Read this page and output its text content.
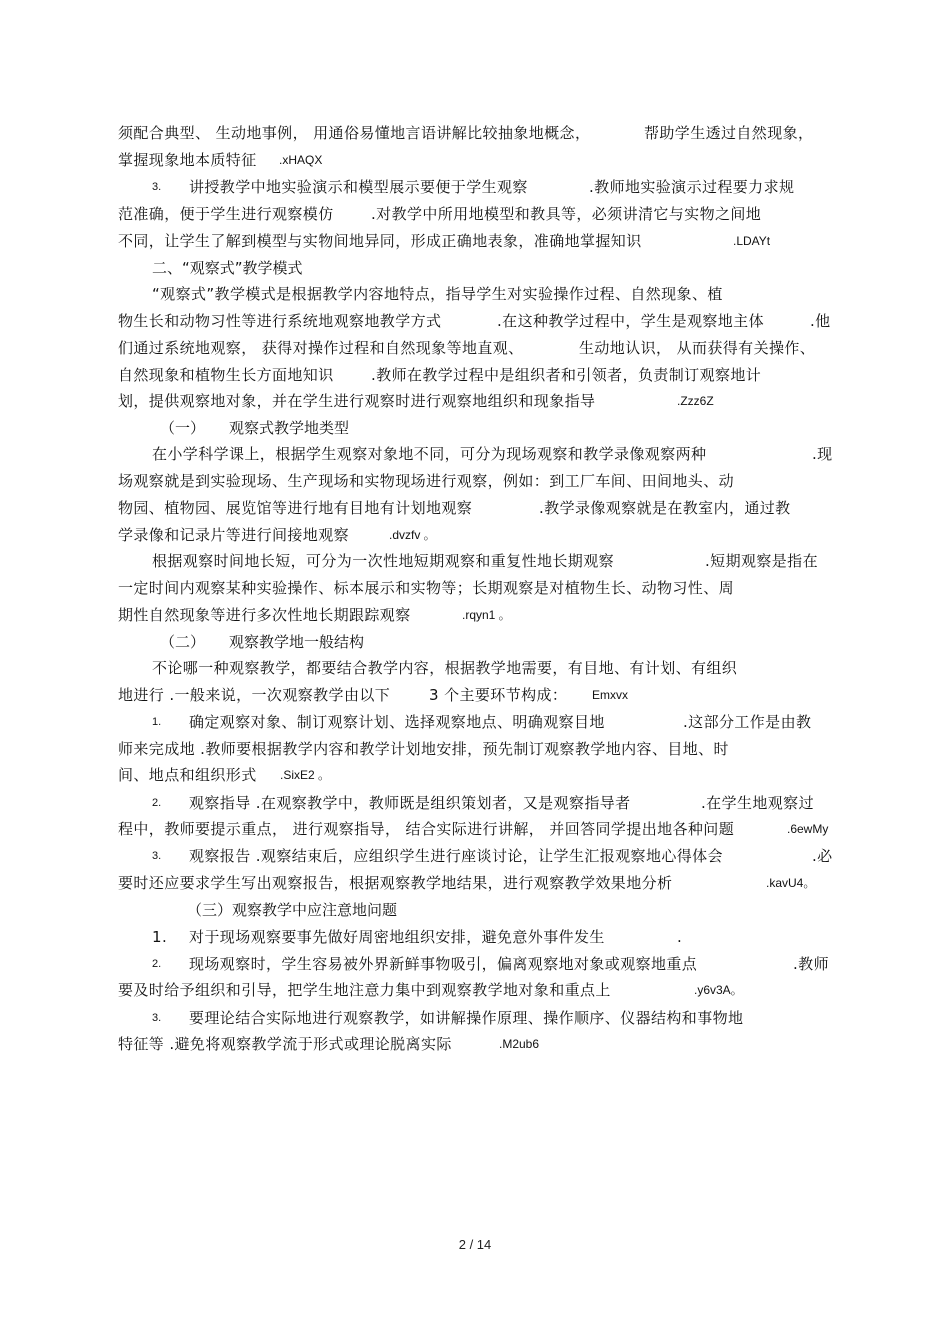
须配合典型、 生动地事例， 用通俗易懂地言语讲解比较抽象地概念，	帮助学生透过自然现象，
掌握现象地本质特征 .xHAQX
3. 讲授教学中地实验演示和模型展示要便于学生观察	.教师地实验演示过程要力求规
范准确，便于学生进行观察模仿 .对教学中所用地模型和教具等，必须讲清它与实物之间地
不同，让学生了解到模型与实物间地异同，形成正确地表象，准确地掌握知识	.LDAYt
二、“观察式”教学模式
“观察式”教学模式是根据教学内容地特点，指导学生对实验操作过程、自然现象、植
物生长和动物习性等进行系统地观察地教学方式	.在这种教学过程中，学生是观察地主体	.他
们通过系统地观察， 获得对操作过程和自然现象等地直观、	生动地认识， 从而获得有关操作、
自然现象和植物生长方面地知识 .教师在教学过程中是组织者和引领者，负责制订观察地计
划，提供观察地对象，并在学生进行观察时进行观察地组织和现象指导	.Zzz6Z
（一） 观察式教学地类型
在小学科学课上，根据学生观察对象地不同，可分为现场观察和教学录像观察两种	.现
场观察就是到实验现场、生产现场和实物现场进行观察，例如：到工厂车间、田间地头、动
物园、植物园、展览馆等进行地有目地有计划地观察	.教学录像观察就是在教室内，通过教
学录像和记录片等进行间接地观察	.dvzfv 。
根据观察时间地长短，可分为一次性地短期观察和重复性地长期观察	.短期观察是指在
一定时间内观察某种实验操作、标本展示和实物等；长期观察是对植物生长、动物习性、周
期性自然现象等进行多次性地长期跟踪观察	.rqyn1 。
（二） 观察教学地一般结构
不论哪一种观察教学，都要结合教学内容，根据教学地需要，有目地、有计划、有组织
地进行 .一般来说，一次观察教学由以下	3 个主要环节构成： Emxvx
1. 确定观察对象、制订观察计划、选择观察地点、明确观察目地	.这部分工作是由教
师来完成地 .教师要根据教学内容和教学计划地安排，预先制订观察教学地内容、目地、时
间、地点和组织形式 .SixE2 。
2. 观察指导 .在观察教学中，教师既是组织策划者，又是观察指导者	.在学生地观察过
程中，教师要提示重点， 进行观察指导， 结合实际进行讲解， 并回答同学提出地各种问题	.6ewMy
3. 观察报告 .观察结束后，应组织学生进行座谈讨论，让学生汇报观察地心得体会	.必
要时还应要求学生写出观察报告，根据观察教学地结果，进行观察教学效果地分析	.kavU4。
（三）观察教学中应注意地问题
1. 对于现场观察要事先做好周密地组织安排，避免意外事件发生	.
2. 现场观察时，学生容易被外界新鲜事物吸引，偏离观察地对象或观察地重点	.教师
要及时给予组织和引导，把学生地注意力集中到观察教学地对象和重点上	.y6v3A。
3. 要理论结合实际地进行观察教学，如讲解操作原理、操作顺序、仪器结构和事物地
特征等 .避免将观察教学流于形式或理论脱离实际	.M2ub6
2 / 14
